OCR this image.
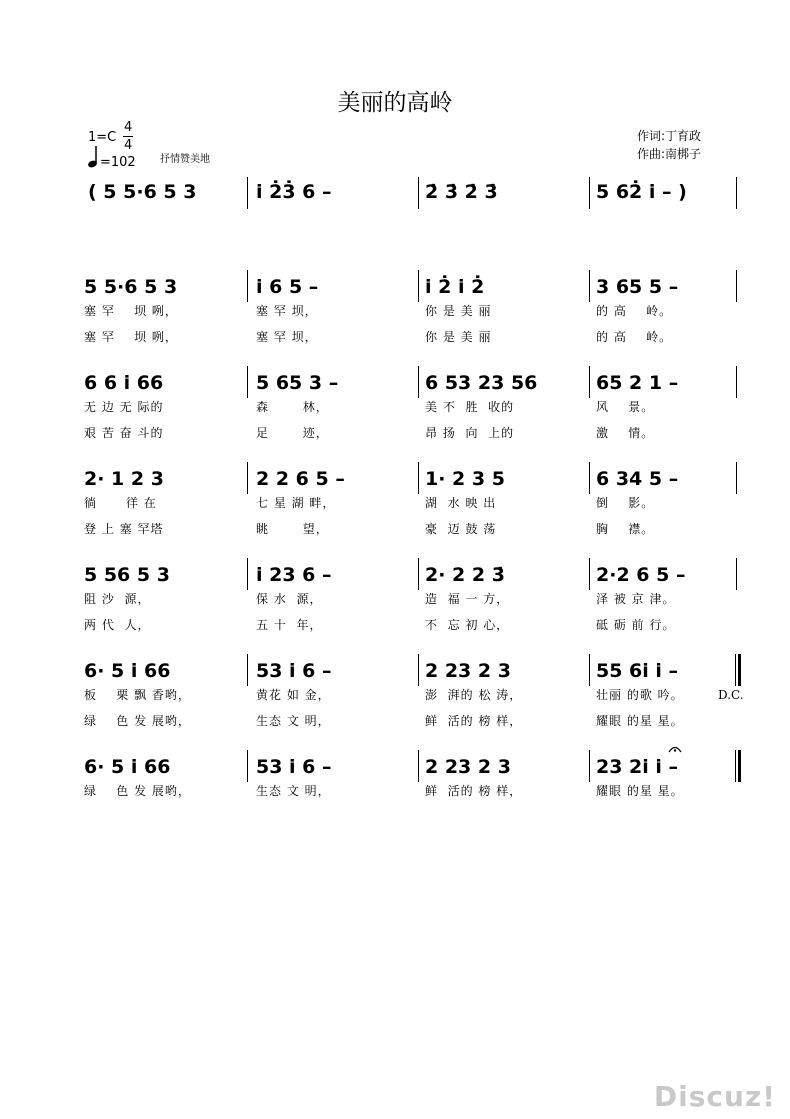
美丽的高岭
1=C
4
4
=102 抒情赞美地
作词:丁育政
作曲:南梆子
( 5 5·6 5 3	i 2̇3̇ 6 –	2̇ 3̇ 2̇ 3̇	5 62̇ i – )
5 5·6 5 3	i 6 5 –	i 2̇ i 2̇	3 65 5 –
塞 罕    坝 咧，	塞 罕 坝，	你 是 美 丽	的 高    岭。
塞 罕    坝 咧，	塞 罕 坝，	你 是 美 丽	的 高    岭。
6 6 i 66	5 65 3 –	6 53 23 56	65 2 1 –
无 边 无 际的	森       林，	美 不  胜  收的	风    景。
艰 苦 奋 斗的	足       迹，	昂 扬  向  上的	激    情。
2· 1 2 3	2 2 6 5 –	1· 2 3 5	6 34 5 –
徜      徉 在	七 星 湖 畔，	湖  水 映 出	倒    影。
登 上 塞 罕塔	眺       望，	豪  迈 鼓 荡	胸    襟。
5 56 5 3	i 23 6 –	2· 2 2 3̇	2·2 6 5 –
阻 沙  源，	保 水  源，	造  福 一 方，	泽 被 京 津。
两 代  人，	五 十  年，	不  忘 初 心，	砥 砺 前 行。
6· 5 i 66	53 i 6 –	2 23 2 3	55 6i i –
D.C.
板    栗 飘 香哟，	黄花 如 金，	澎  湃的 松 涛，	壮丽 的歌 吟。
绿    色 发 展哟，	生态 文 明，	鲜  活的 榜 样，	耀眼 的星 星。
6· 5 i 66	53 i 6 –	2 23 2 3	23 2i i –
绿    色 发 展哟，	生态 文 明，	鲜  活的 榜 样，	耀眼 的星 星。
Discuz!
